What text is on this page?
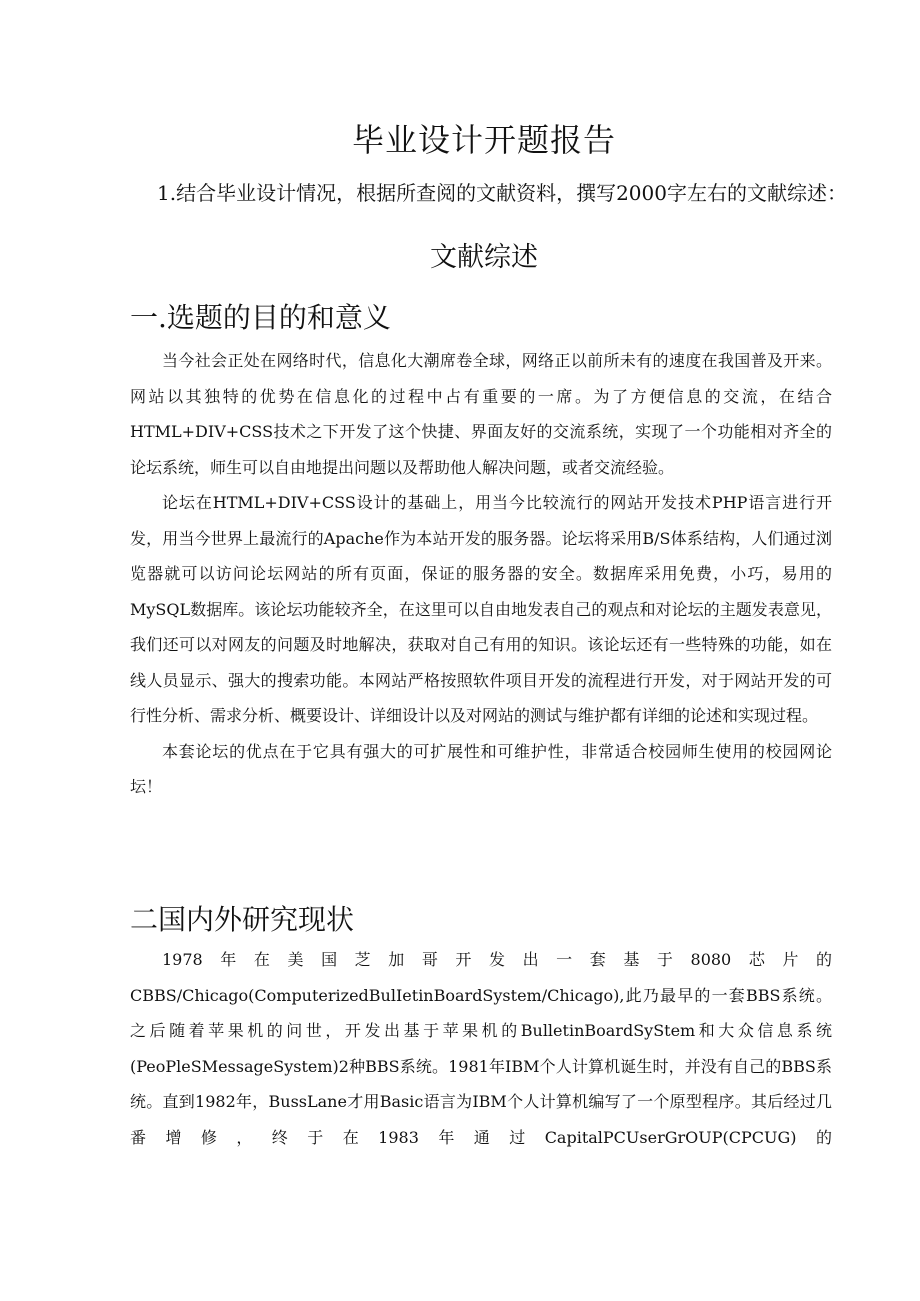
毕业设计开题报告
1.结合毕业设计情况，根据所查阅的文献资料，撰写2000字左右的文献综述：
文献综述
一.选题的目的和意义

当今社会正处在网络时代，信息化大潮席卷全球，网络正以前所未有的速度在我国普及开来。网站以其独特的优势在信息化的过程中占有重要的一席。为了方便信息的交流，在结合HTML+DIV+CSS技术之下开发了这个快捷、界面友好的交流系统，实现了一个功能相对齐全的论坛系统，师生可以自由地提出问题以及帮助他人解决问题，或者交流经验。

论坛在HTML+DIV+CSS设计的基础上，用当今比较流行的网站开发技术PHP语言进行开发，用当今世界上最流行的Apache作为本站开发的服务器。论坛将采用B/S体系结构，人们通过浏览器就可以访问论坛网站的所有页面，保证的服务器的安全。数据库采用免费，小巧，易用的MySQL数据库。该论坛功能较齐全，在这里可以自由地发表自己的观点和对论坛的主题发表意见，我们还可以对网友的问题及时地解决，获取对自己有用的知识。该论坛还有一些特殊的功能，如在线人员显示、强大的搜索功能。本网站严格按照软件项目开发的流程进行开发，对于网站开发的可行性分析、需求分析、概要设计、详细设计以及对网站的测试与维护都有详细的论述和实现过程。

本套论坛的优点在于它具有强大的可扩展性和可维护性，非常适合校园师生使用的校园网论坛！

二国内外研究现状

1978年在美国芝加哥开发出一套基于8080芯片的CBBS/Chicago(ComputerizedBulIetinBoardSystem/Chicago),此乃最早的一套BBS系统。之后随着苹果机的问世，开发出基于苹果机的BulletinBoardSyStem和大众信息系统(PeoPleSMessageSystem)2种BBS系统。1981年IBM个人计算机诞生时，并没有自己的BBS系统。直到1982年，BussLane才用Basic语言为IBM个人计算机编写了一个原型程序。其后经过几番增修，终于在1983年通过CapitalPCUserGrOUP(CPCUG)的
